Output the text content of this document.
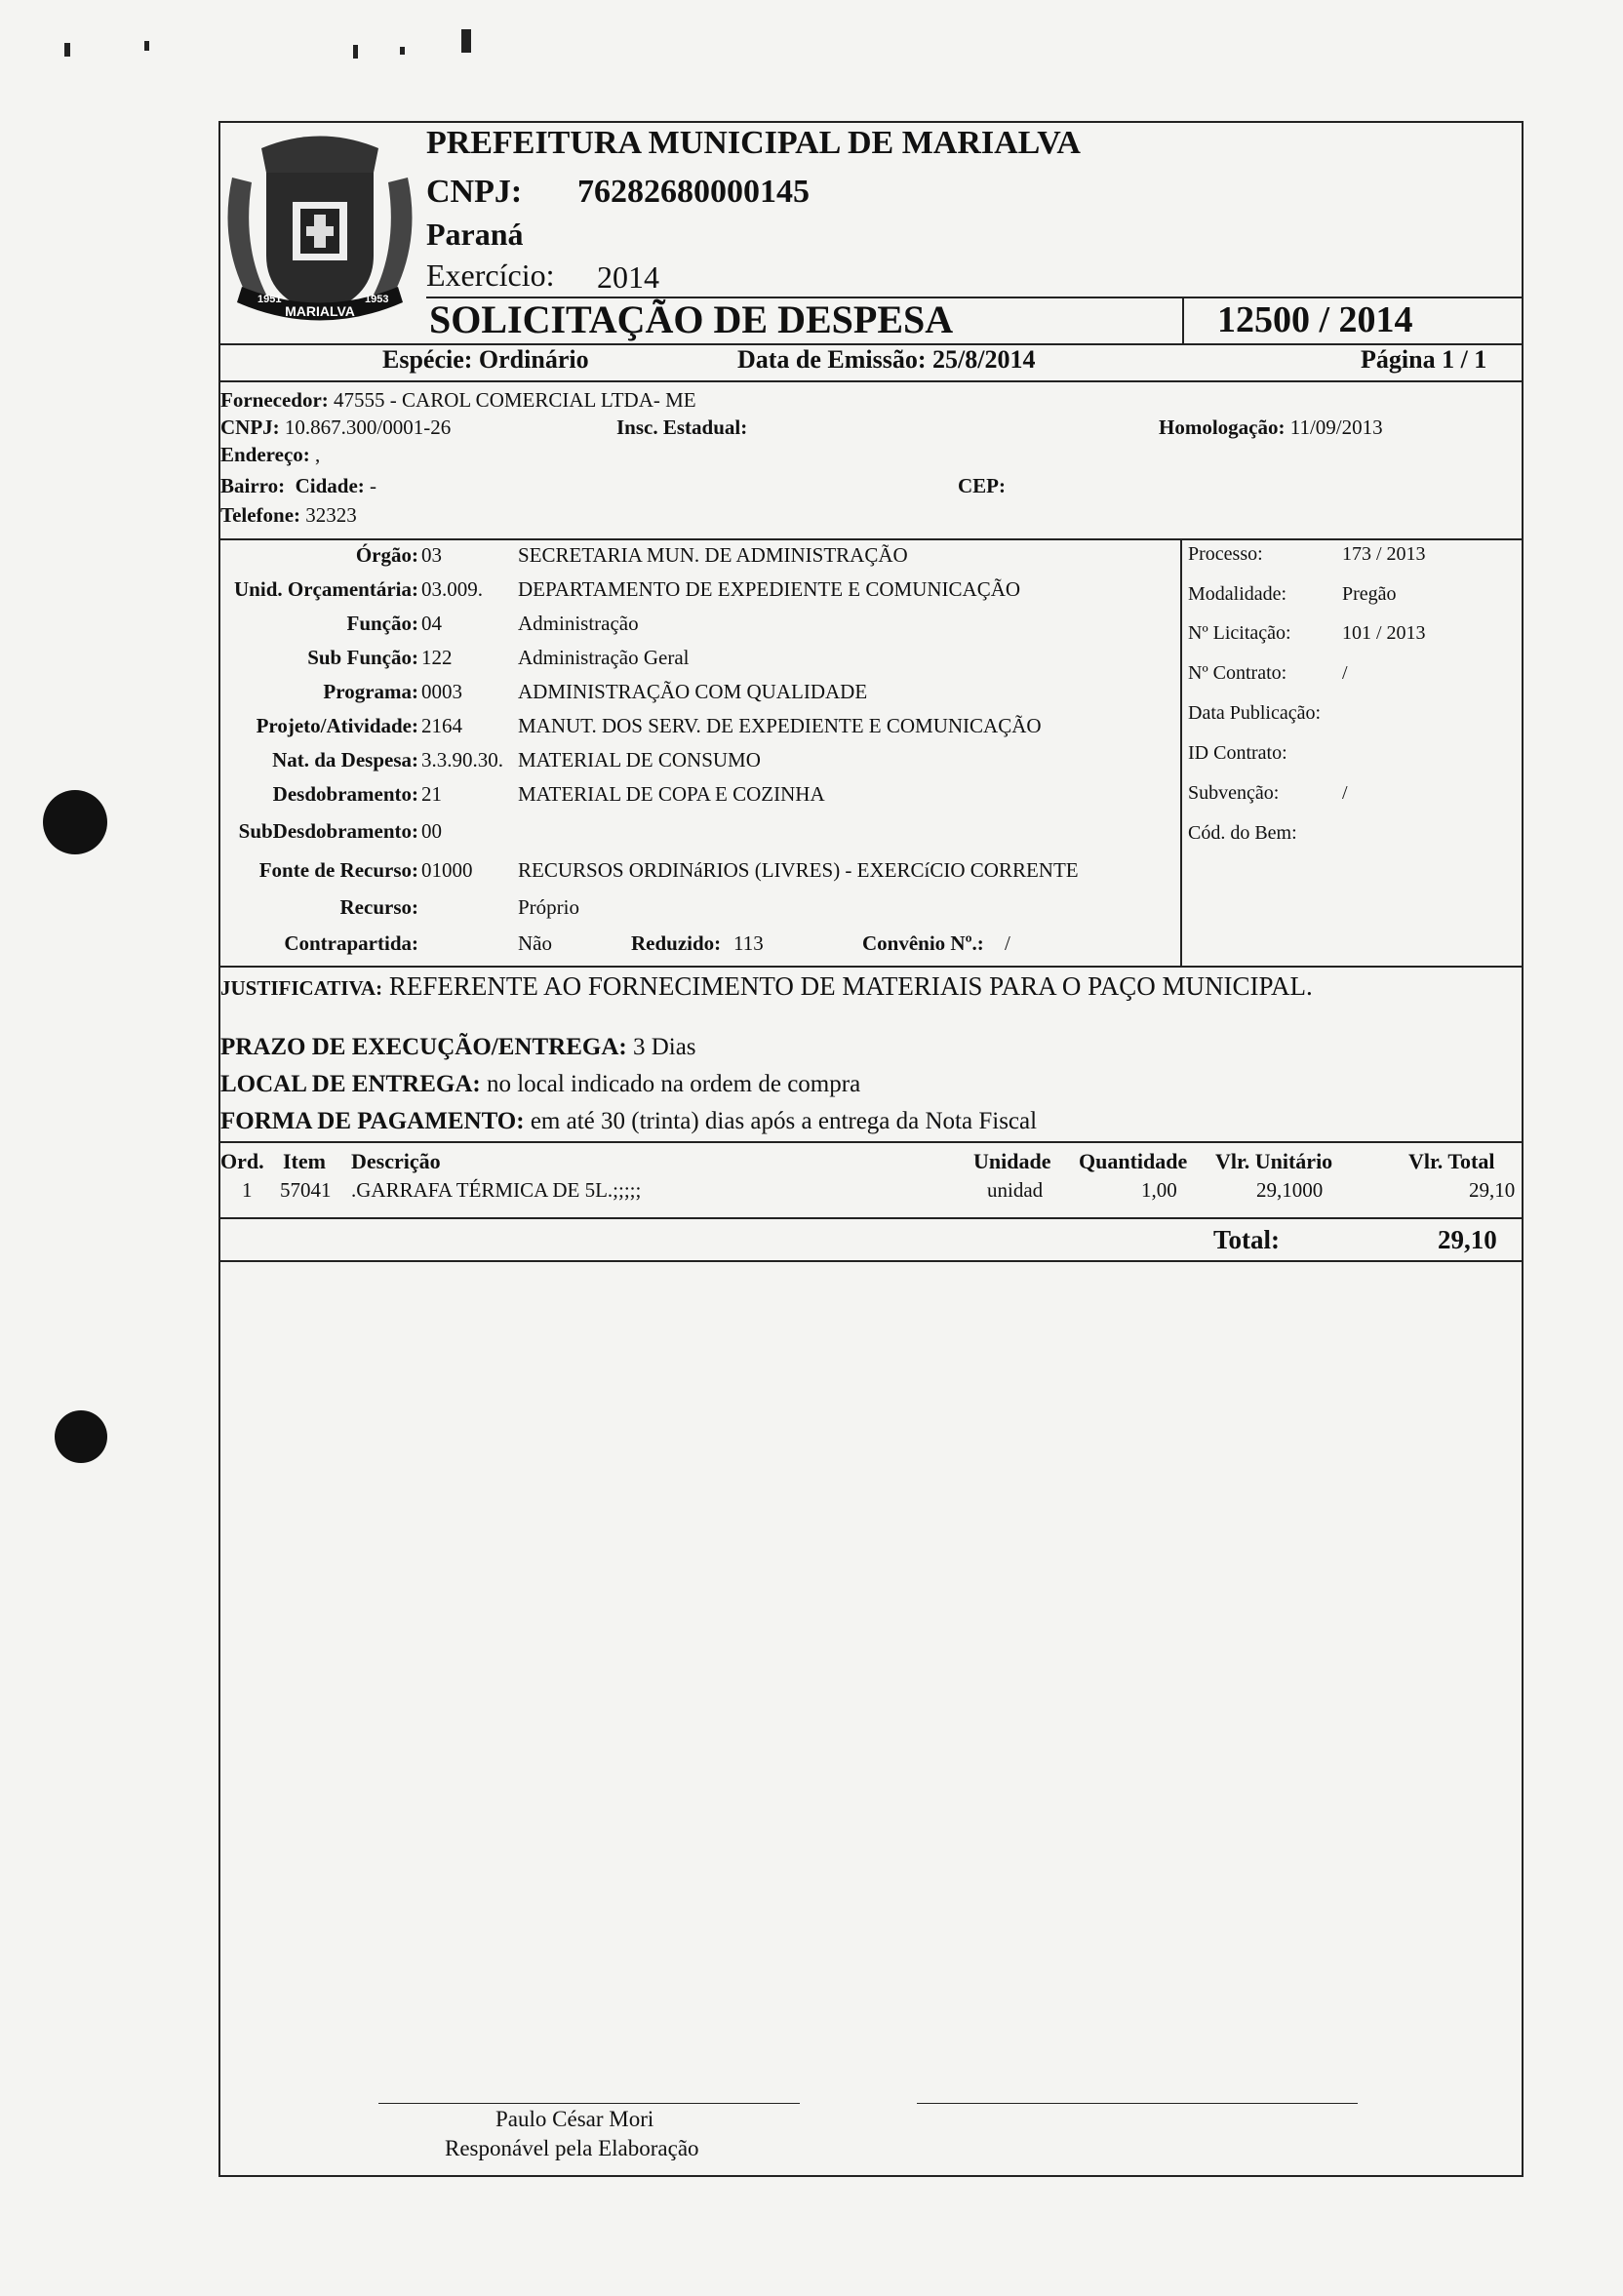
MARIALVA
1951	1953
PREFEITURA MUNICIPAL DE MARIALVA
CNPJ: 76282680000145
Paraná
Exercício: 2014
SOLICITAÇÃO DE DESPESA	12500 / 2014
Espécie: Ordinário	Data de Emissão: 25/8/2014	Página 1 / 1
Fornecedor: 47555 - CAROL COMERCIAL LTDA- ME
CNPJ: 10.867.300/0001-26	Insc. Estadual:	Homologação: 11/09/2013
Endereço: ,
Bairro: Cidade: -	CEP:
Telefone: 32323
Órgão: 03	SECRETARIA MUN. DE ADMINISTRAÇÃO
Unid. Orçamentária: 03.009. DEPARTAMENTO DE EXPEDIENTE E COMUNICAÇÃO
Função: 04	Administração
Sub Função: 122	Administração Geral
Programa: 0003	ADMINISTRAÇÃO COM QUALIDADE
Projeto/Atividade: 2164	MANUT. DOS SERV. DE EXPEDIENTE E COMUNICAÇÃO
Nat. da Despesa: 3.3.90.30. MATERIAL DE CONSUMO
Desdobramento: 21	MATERIAL DE COPA E COZINHA
SubDesdobramento: 00
Fonte de Recurso: 01000 RECURSOS ORDINáRIOS (LIVRES) - EXERCíCIO CORRENTE
Recurso:	Próprio
Contrapartida:	Não	Reduzido: 113	Convênio Nº.: /
Processo:	173 / 2013
Modalidade:	Pregão
Nº Licitação:	101 / 2013
Nº Contrato:	/
Data Publicação:
ID Contrato:
Subvenção:	/
Cód. do Bem:
JUSTIFICATIVA: REFERENTE AO FORNECIMENTO DE MATERIAIS PARA O PAÇO MUNICIPAL.
PRAZO DE EXECUÇÃO/ENTREGA: 3 Dias
LOCAL DE ENTREGA: no local indicado na ordem de compra
FORMA DE PAGAMENTO: em até 30 (trinta) dias após a entrega da Nota Fiscal
Ord. Item Descrição	Unidade Quantidade Vlr. Unitário	Vlr. Total
1 57041 .GARRAFA TÉRMICA DE 5L.;;;;;	unidad	1,00	29,1000	29,10
Total:	29,10
Paulo César Mori
Responável pela Elaboração
